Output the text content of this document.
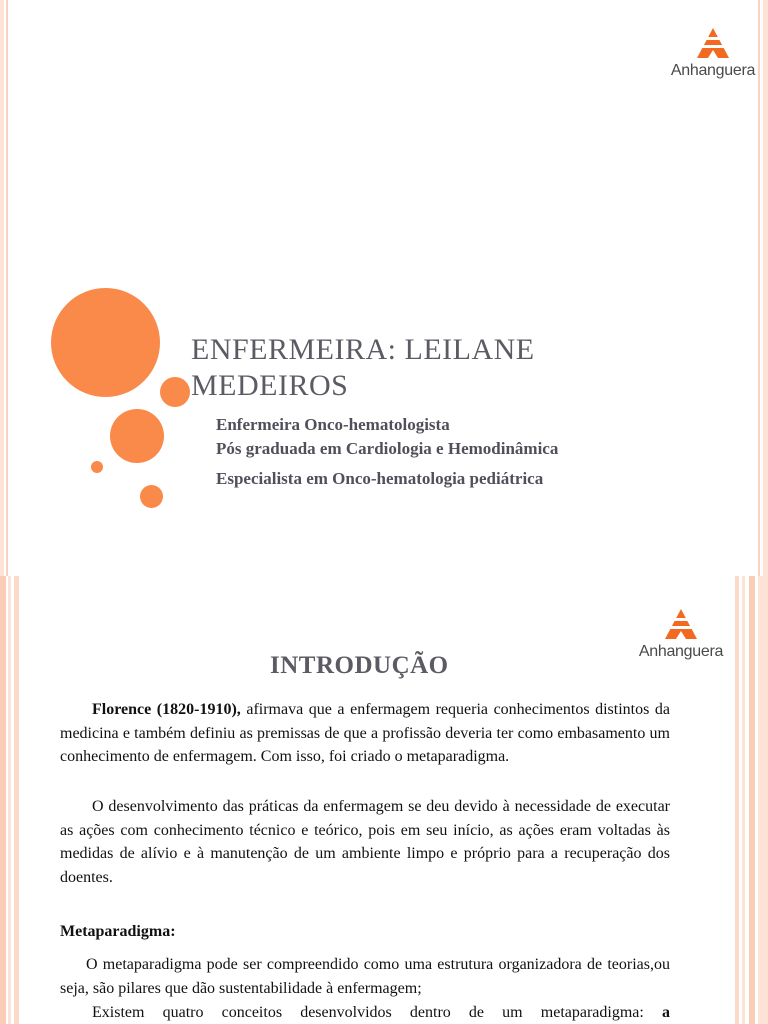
Anhanguera
ENFERMEIRA: LEILANE
MEDEIROS
Enfermeira Onco-hematologista
Pós graduada em Cardiologia e Hemodinâmica
Especialista em Onco-hematologia pediátrica
Anhanguera
INTRODUÇÃO
Florence (1820-1910), afirmava que a enfermagem requeria conhecimentos distintos da medicina e também definiu as premissas de que a profissão deveria ter como embasamento um conhecimento de enfermagem. Com isso, foi criado o metaparadigma.
O desenvolvimento das práticas da enfermagem se deu devido à necessidade de executar as ações com conhecimento técnico e teórico, pois em seu início, as ações eram voltadas às medidas de alívio e à manutenção de um ambiente limpo e próprio para a recuperação dos doentes.
Metaparadigma:
O metaparadigma pode ser compreendido como uma estrutura organizadora de teorias,ou seja, são pilares que dão sustentabilidade à enfermagem;
Existem quatro conceitos desenvolvidos dentro de um metaparadigma: a
